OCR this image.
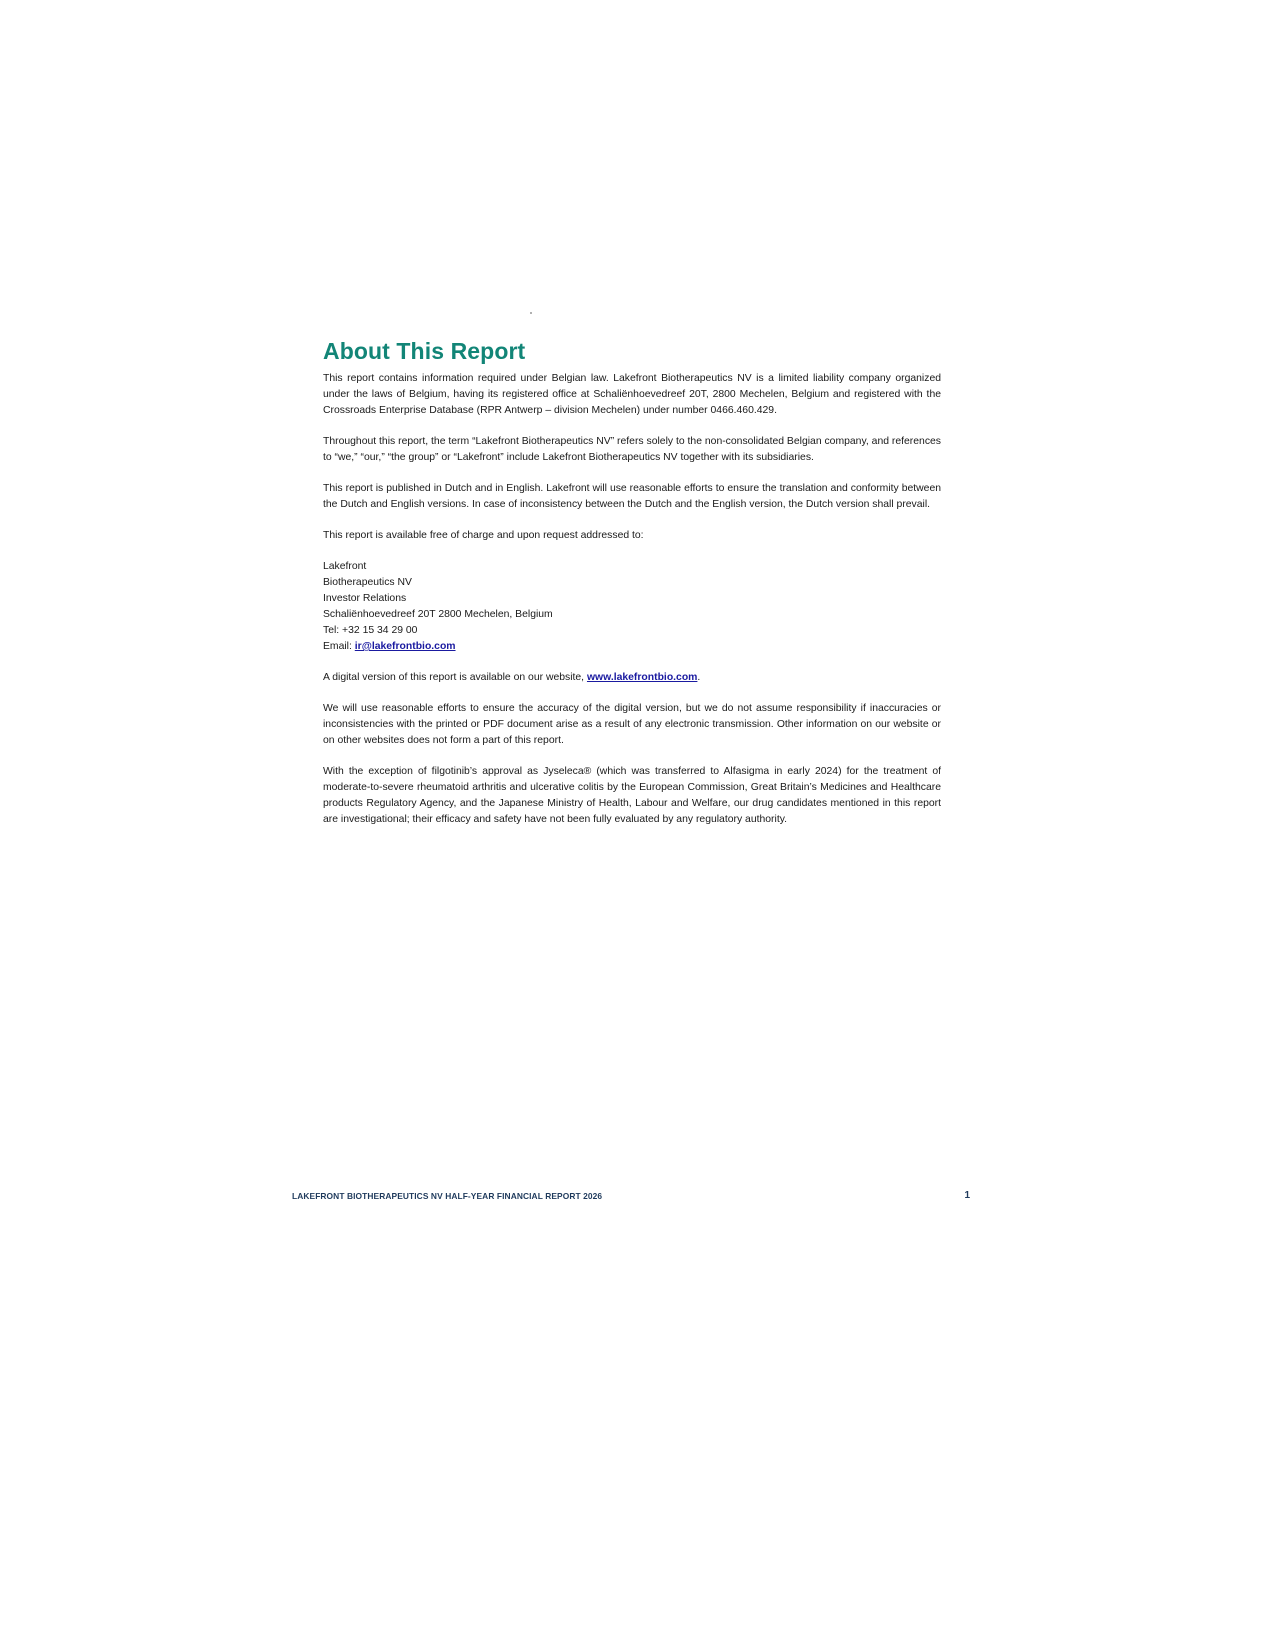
About This Report

This report contains information required under Belgian law. Lakefront Biotherapeutics NV is a limited liability company organized under the laws of Belgium, having its registered office at Schaliënhoevedreef 20T, 2800 Mechelen, Belgium and registered with the Crossroads Enterprise Database (RPR Antwerp – division Mechelen) under number 0466.460.429.

Throughout this report, the term “Lakefront Biotherapeutics NV” refers solely to the non-consolidated Belgian company, and references to “we,” “our,” “the group” or “Lakefront” include Lakefront Biotherapeutics NV together with its subsidiaries.

This report is published in Dutch and in English. Lakefront will use reasonable efforts to ensure the translation and conformity between the Dutch and English versions. In case of inconsistency between the Dutch and the English version, the Dutch version shall prevail.

This report is available free of charge and upon request addressed to:

Lakefront
Biotherapeutics NV
Investor Relations
Schaliënhoevedreef 20T 2800 Mechelen, Belgium
Tel: +32 15 34 29 00
Email: ir@lakefrontbio.com

A digital version of this report is available on our website, www.lakefrontbio.com.

We will use reasonable efforts to ensure the accuracy of the digital version, but we do not assume responsibility if inaccuracies or inconsistencies with the printed or PDF document arise as a result of any electronic transmission. Other information on our website or on other websites does not form a part of this report.

With the exception of filgotinib’s approval as Jyseleca® (which was transferred to Alfasigma in early 2024) for the treatment of moderate-to-severe rheumatoid arthritis and ulcerative colitis by the European Commission, Great Britain’s Medicines and Healthcare products Regulatory Agency, and the Japanese Ministry of Health, Labour and Welfare, our drug candidates mentioned in this report are investigational; their efficacy and safety have not been fully evaluated by any regulatory authority.

LAKEFRONT BIOTHERAPEUTICS NV HALF-YEAR FINANCIAL REPORT 2026	1
